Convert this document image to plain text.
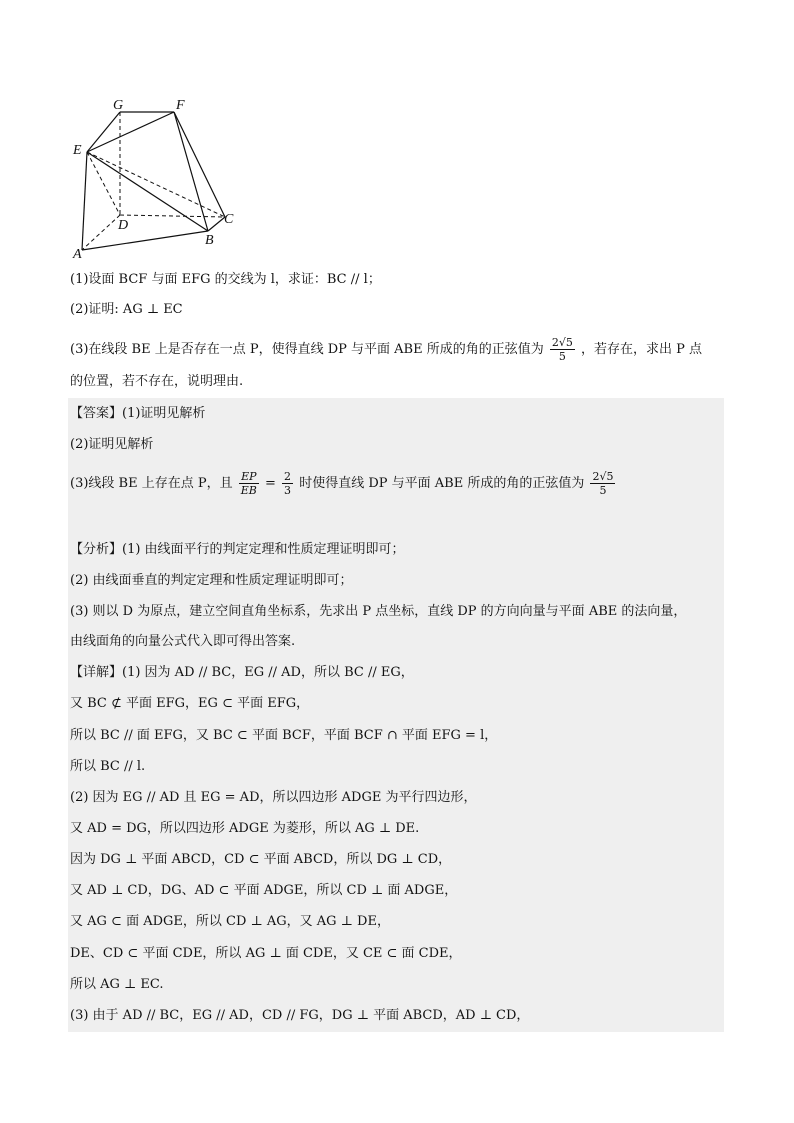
G	F
E
D	C
B
A
(1)设面 BCF 与面 EFG 的交线为 l，求证：BC // l；
(2)证明: AG ⊥ EC
(3)在线段 BE 上是否存在一点 P，使得直线 DP 与平面 ABE 所成的角的正弦值为 $\frac{2√5}{5}$ ，若存在，求出 P 点
的位置，若不存在，说明理由.
【答案】(1)证明见解析
(2)证明见解析
(3)线段 BE 上存在点 P，且 $\frac{EP}{EB} = \frac{2}{3}$ 时使得直线 DP 与平面 ABE 所成的角的正弦值为 $\frac{2√5}{5}$
【分析】(1) 由线面平行的判定定理和性质定理证明即可；
(2) 由线面垂直的判定定理和性质定理证明即可；
(3) 则以 D 为原点，建立空间直角坐标系，先求出 P 点坐标，直线 DP 的方向向量与平面 ABE 的法向量，
由线面角的向量公式代入即可得出答案.
【详解】(1) 因为 AD // BC，EG // AD，所以 BC // EG，
又 BC ⊄ 平面 EFG，EG ⊂ 平面 EFG，
所以 BC // 面 EFG，又 BC ⊂ 平面 BCF，平面 BCF ∩ 平面 EFG = l，
所以 BC // l.
(2) 因为 EG // AD 且 EG = AD，所以四边形 ADGE 为平行四边形，
又 AD = DG，所以四边形 ADGE 为菱形，所以 AG ⊥ DE.
因为 DG ⊥ 平面 ABCD，CD ⊂ 平面 ABCD，所以 DG ⊥ CD，
又 AD ⊥ CD，DG、AD ⊂ 平面 ADGE，所以 CD ⊥ 面 ADGE，
又 AG ⊂ 面 ADGE，所以 CD ⊥ AG，又 AG ⊥ DE，
DE、CD ⊂ 平面 CDE，所以 AG ⊥ 面 CDE，又 CE ⊂ 面 CDE，
所以 AG ⊥ EC.
(3) 由于 AD // BC，EG // AD，CD // FG，DG ⊥ 平面 ABCD，AD ⊥ CD，
